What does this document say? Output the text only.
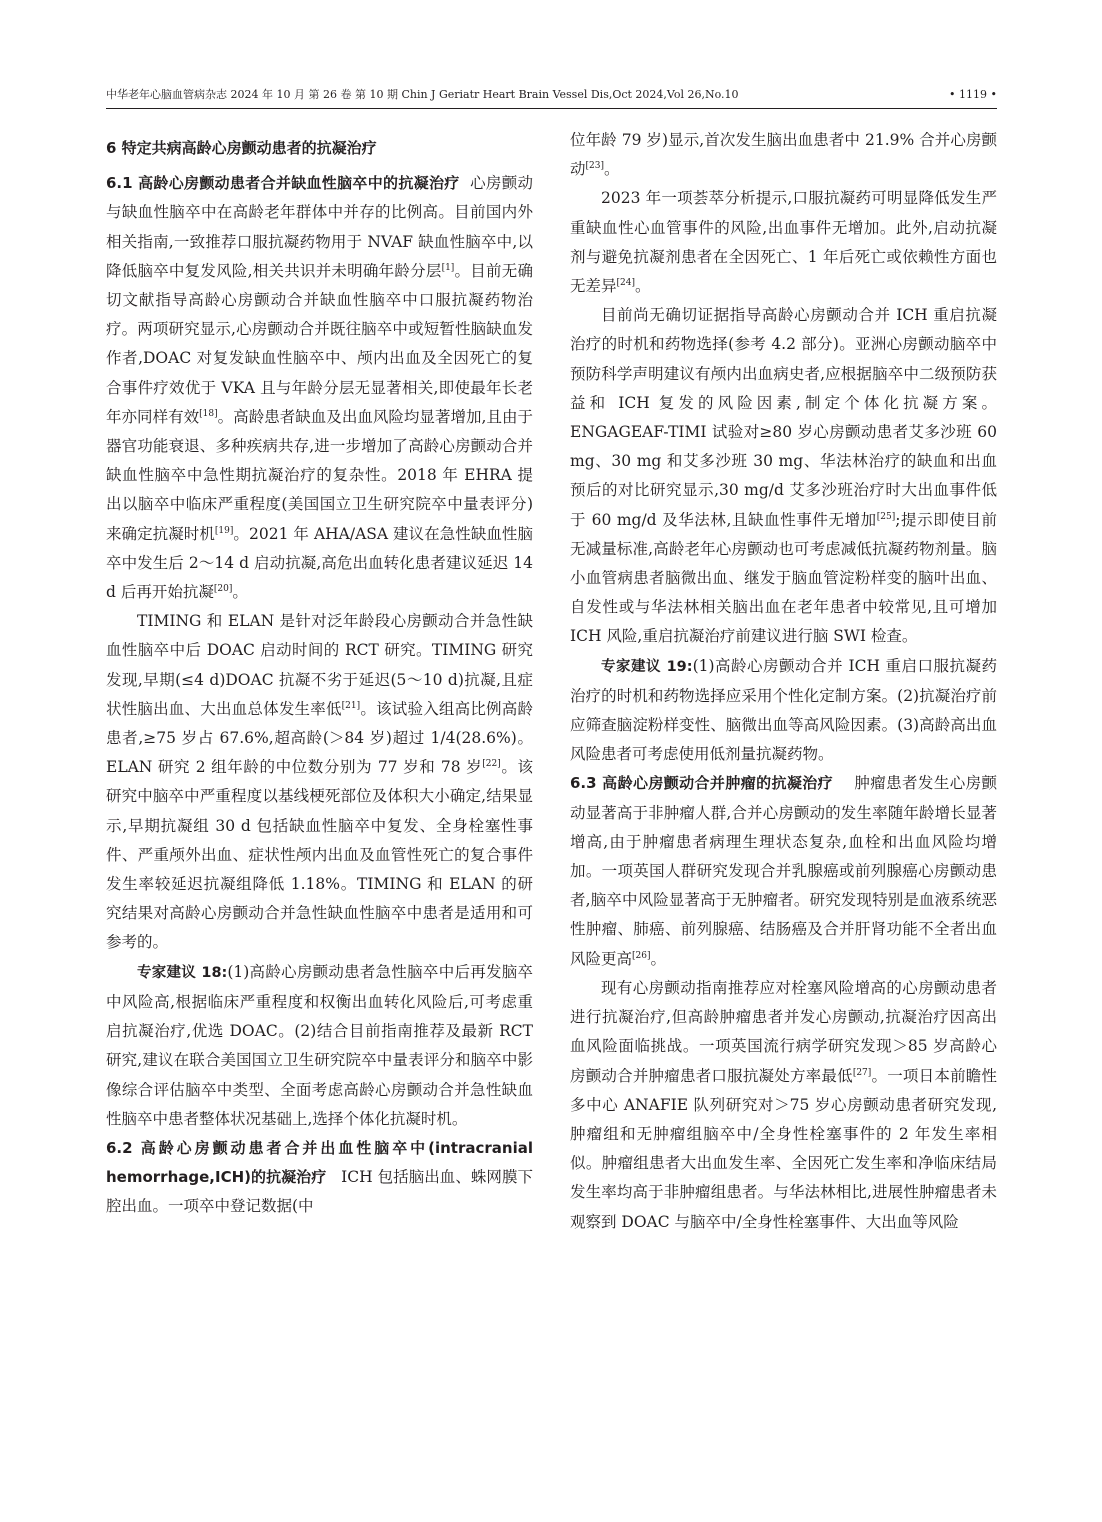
中华老年心脑血管病杂志 2024 年 10 月 第 26 卷 第 10 期 Chin J Geriatr Heart Brain Vessel Dis,Oct 2024,Vol 26,No.10	• 1119 •
6 特定共病高龄心房颤动患者的抗凝治疗

6.1 高龄心房颤动患者合并缺血性脑卒中的抗凝治疗 心房颤动与缺血性脑卒中在高龄老年群体中并存的比例高。目前国内外相关指南,一致推荐口服抗凝药物用于 NVAF 缺血性脑卒中,以降低脑卒中复发风险,相关共识并未明确年龄分层[1]。目前无确切文献指导高龄心房颤动合并缺血性脑卒中口服抗凝药物治疗。两项研究显示,心房颤动合并既往脑卒中或短暂性脑缺血发作者,DOAC 对复发缺血性脑卒中、颅内出血及全因死亡的复合事件疗效优于 VKA 且与年龄分层无显著相关,即使最年长老年亦同样有效[18]。高龄患者缺血及出血风险均显著增加,且由于器官功能衰退、多种疾病共存,进一步增加了高龄心房颤动合并缺血性脑卒中急性期抗凝治疗的复杂性。2018 年 EHRA 提出以脑卒中临床严重程度(美国国立卫生研究院卒中量表评分)来确定抗凝时机[19]。2021 年 AHA/ASA 建议在急性缺血性脑卒中发生后 2～14 d 启动抗凝,高危出血转化患者建议延迟 14 d 后再开始抗凝[20]。

TIMING 和 ELAN 是针对泛年龄段心房颤动合并急性缺血性脑卒中后 DOAC 启动时间的 RCT 研究。TIMING 研究发现,早期(≤4 d)DOAC 抗凝不劣于延迟(5～10 d)抗凝,且症状性脑出血、大出血总体发生率低[21]。该试验入组高比例高龄患者,≥75 岁占 67.6%,超高龄(＞84 岁)超过 1/4(28.6%)。ELAN 研究 2 组年龄的中位数分别为 77 岁和 78 岁[22]。该研究中脑卒中严重程度以基线梗死部位及体积大小确定,结果显示,早期抗凝组 30 d 包括缺血性脑卒中复发、全身栓塞性事件、严重颅外出血、症状性颅内出血及血管性死亡的复合事件发生率较延迟抗凝组降低 1.18%。TIMING 和 ELAN 的研究结果对高龄心房颤动合并急性缺血性脑卒中患者是适用和可参考的。

专家建议 18:(1)高龄心房颤动患者急性脑卒中后再发脑卒中风险高,根据临床严重程度和权衡出血转化风险后,可考虑重启抗凝治疗,优选 DOAC。(2)结合目前指南推荐及最新 RCT 研究,建议在联合美国国立卫生研究院卒中量表评分和脑卒中影像综合评估脑卒中类型、全面考虑高龄心房颤动合并急性缺血性脑卒中患者整体状况基础上,选择个体化抗凝时机。

6.2 高龄心房颤动患者合并出血性脑卒中(intracranial hemorrhage,ICH)的抗凝治疗 ICH 包括脑出血、蛛网膜下腔出血。一项卒中登记数据(中

位年龄 79 岁)显示,首次发生脑出血患者中 21.9% 合并心房颤动[23]。

2023 年一项荟萃分析提示,口服抗凝药可明显降低发生严重缺血性心血管事件的风险,出血事件无增加。此外,启动抗凝剂与避免抗凝剂患者在全因死亡、1 年后死亡或依赖性方面也无差异[24]。

目前尚无确切证据指导高龄心房颤动合并 ICH 重启抗凝治疗的时机和药物选择(参考 4.2 部分)。亚洲心房颤动脑卒中预防科学声明建议有颅内出血病史者,应根据脑卒中二级预防获益和 ICH 复发的风险因素,制定个体化抗凝方案。ENGAGEAF-TIMI 试验对≥80 岁心房颤动患者艾多沙班 60 mg、30 mg 和艾多沙班 30 mg、华法林治疗的缺血和出血预后的对比研究显示,30 mg/d 艾多沙班治疗时大出血事件低于 60 mg/d 及华法林,且缺血性事件无增加[25];提示即使目前无减量标准,高龄老年心房颤动也可考虑减低抗凝药物剂量。脑小血管病患者脑微出血、继发于脑血管淀粉样变的脑叶出血、自发性或与华法林相关脑出血在老年患者中较常见,且可增加 ICH 风险,重启抗凝治疗前建议进行脑 SWI 检查。

专家建议 19:(1)高龄心房颤动合并 ICH 重启口服抗凝药治疗的时机和药物选择应采用个性化定制方案。(2)抗凝治疗前应筛查脑淀粉样变性、脑微出血等高风险因素。(3)高龄高出血风险患者可考虑使用低剂量抗凝药物。

6.3 高龄心房颤动合并肿瘤的抗凝治疗 肿瘤患者发生心房颤动显著高于非肿瘤人群,合并心房颤动的发生率随年龄增长显著增高,由于肿瘤患者病理生理状态复杂,血栓和出血风险均增加。一项英国人群研究发现合并乳腺癌或前列腺癌心房颤动患者,脑卒中风险显著高于无肿瘤者。研究发现特别是血液系统恶性肿瘤、肺癌、前列腺癌、结肠癌及合并肝肾功能不全者出血风险更高[26]。

现有心房颤动指南推荐应对栓塞风险增高的心房颤动患者进行抗凝治疗,但高龄肿瘤患者并发心房颤动,抗凝治疗因高出血风险面临挑战。一项英国流行病学研究发现＞85 岁高龄心房颤动合并肿瘤患者口服抗凝处方率最低[27]。一项日本前瞻性多中心 ANAFIE 队列研究对＞75 岁心房颤动患者研究发现,肿瘤组和无肿瘤组脑卒中/全身性栓塞事件的 2 年发生率相似。肿瘤组患者大出血发生率、全因死亡发生率和净临床结局发生率均高于非肿瘤组患者。与华法林相比,进展性肿瘤患者未观察到 DOAC 与脑卒中/全身性栓塞事件、大出血等风险
